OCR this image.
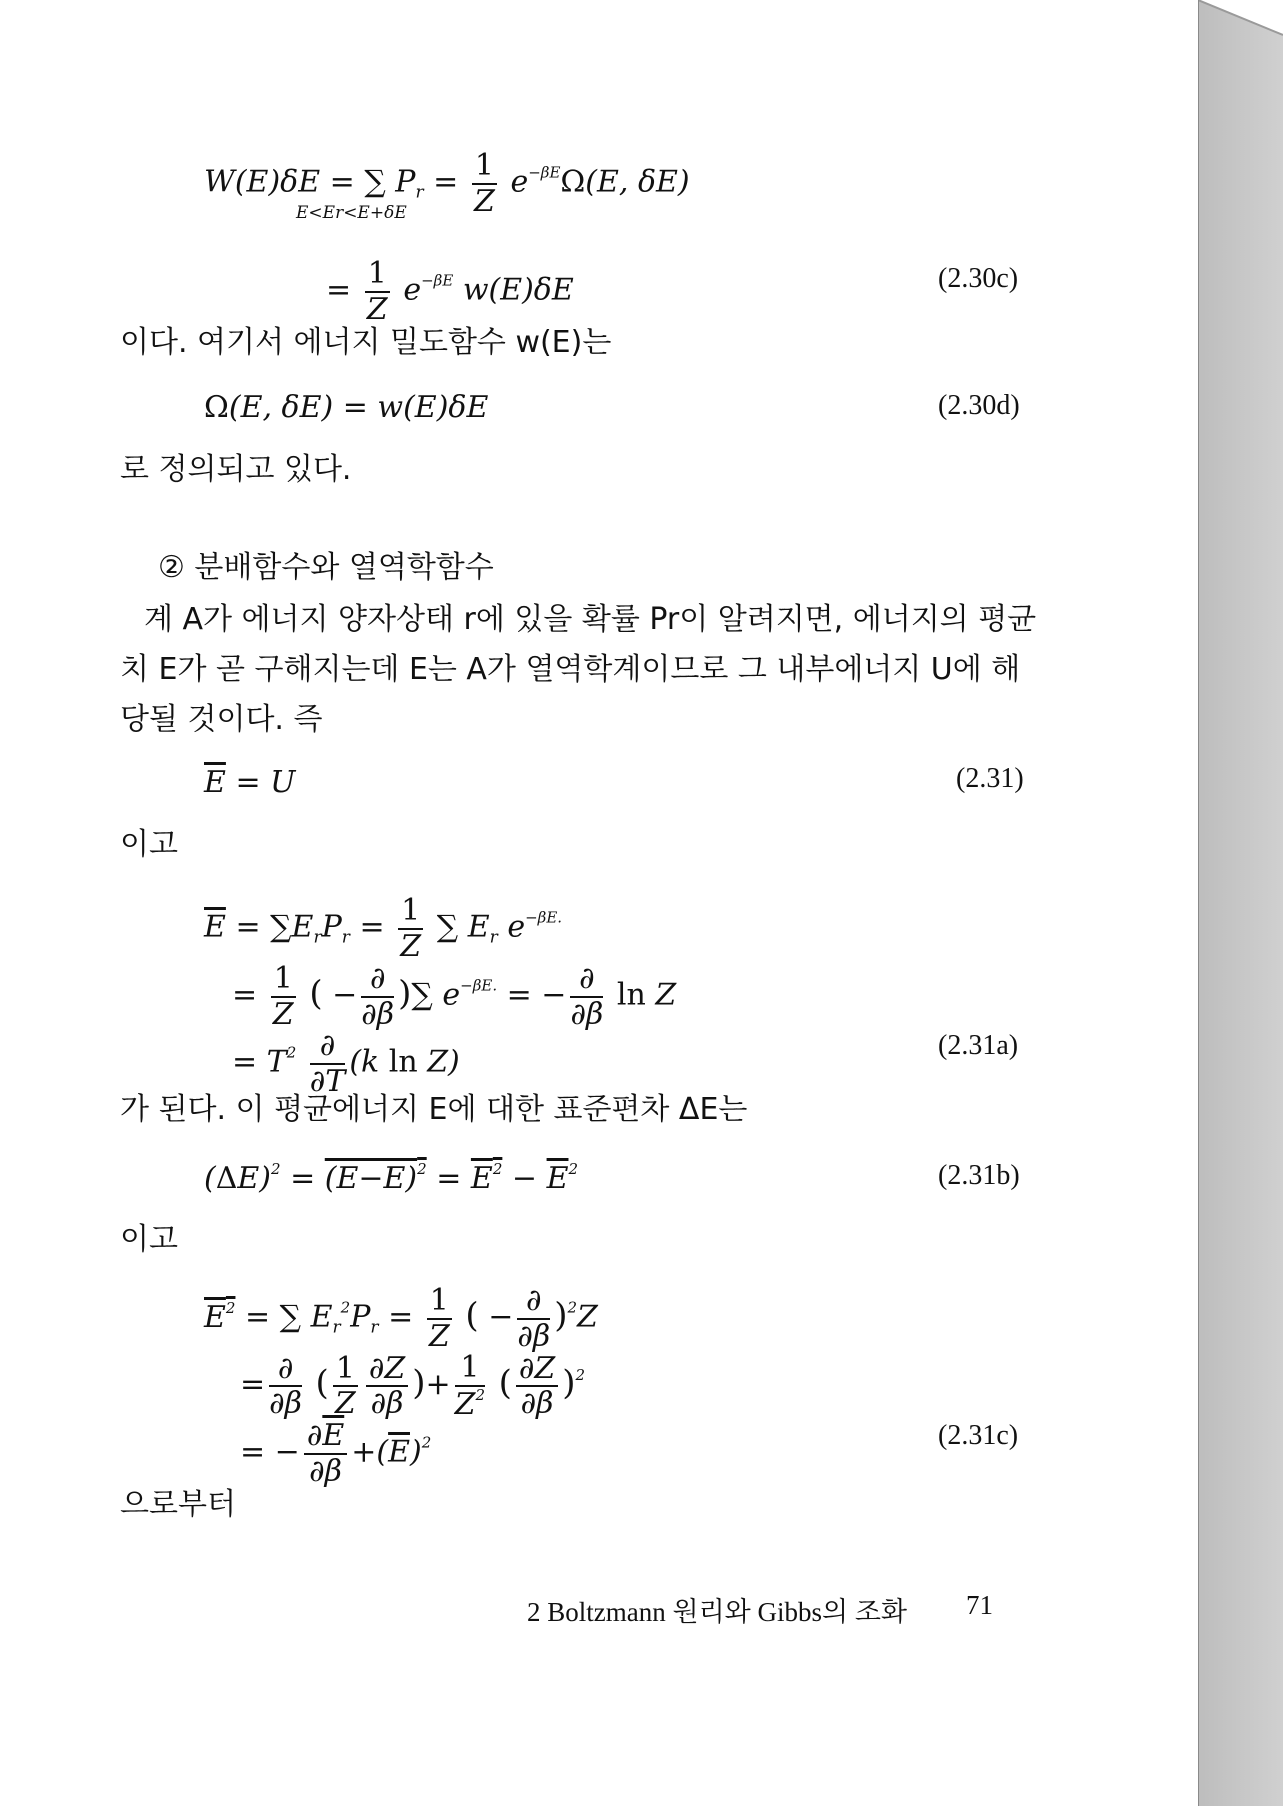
W(E)δE = ∑ $P_r = \frac{1}{Z} e^{-\beta E}\Omega(E$, δE)
E<Er<E+δE
= $\frac{1}{Z} e^{-\beta E}$ w(E)δE	(2.30c)
이다. 여기서 에너지 밀도함수 w(E)는
Ω(E, δE) = w(E)δE	(2.30d)
로 정의되고 있다.
② 분배함수와 열역학함수
계 A가 에너지 양자상태 r에 있을 확률 Pr이 알려지면, 에너지의 평균
치 E가 곧 구해지는데 E는 A가 열역학계이므로 그 내부에너지 U에 해
당될 것이다. 즉
$\overline{E} = U$	(2.31)
이고
$\overline{E} = \sum E_rP_r = \frac{1}{Z}$ ∑ $E_r$ $e^{-\beta E.}$
= $\frac{1}{Z}$ ( − $\frac{\partial}{\partial\beta}$ )∑ $e^{-\beta E.}$ = − $\frac{\partial}{\partial\beta}$ ln Z
= $T^2 \frac{\partial}{\partial T} (k$ ln Z)	(2.31a)
가 된다. 이 평균에너지 E에 대한 표준편차 ΔE는
$(\Delta E)^2 = (E-E)^2 = E^2 - \overline{E}^2$	(2.31b)
이고
$E^2$ = ∑ $E_r^2P_r = \frac{1}{Z}$ ( − $\frac{\partial}{\partial\beta} )^2Z$
= $\frac{\partial}{\partial\beta}$ ( $\frac{1}{Z} \frac{\partial Z}{\partial\beta}$ )+ $\frac{1}{Z^2}$ ( $\frac{\partial Z}{\partial\beta} )^2$
= − $\frac{\partial\overline{E}}{\partial\beta} +(\overline{E})^2$	(2.31c)
으로부터
2 Boltzmann 원리와 Gibbs의 조화 71
